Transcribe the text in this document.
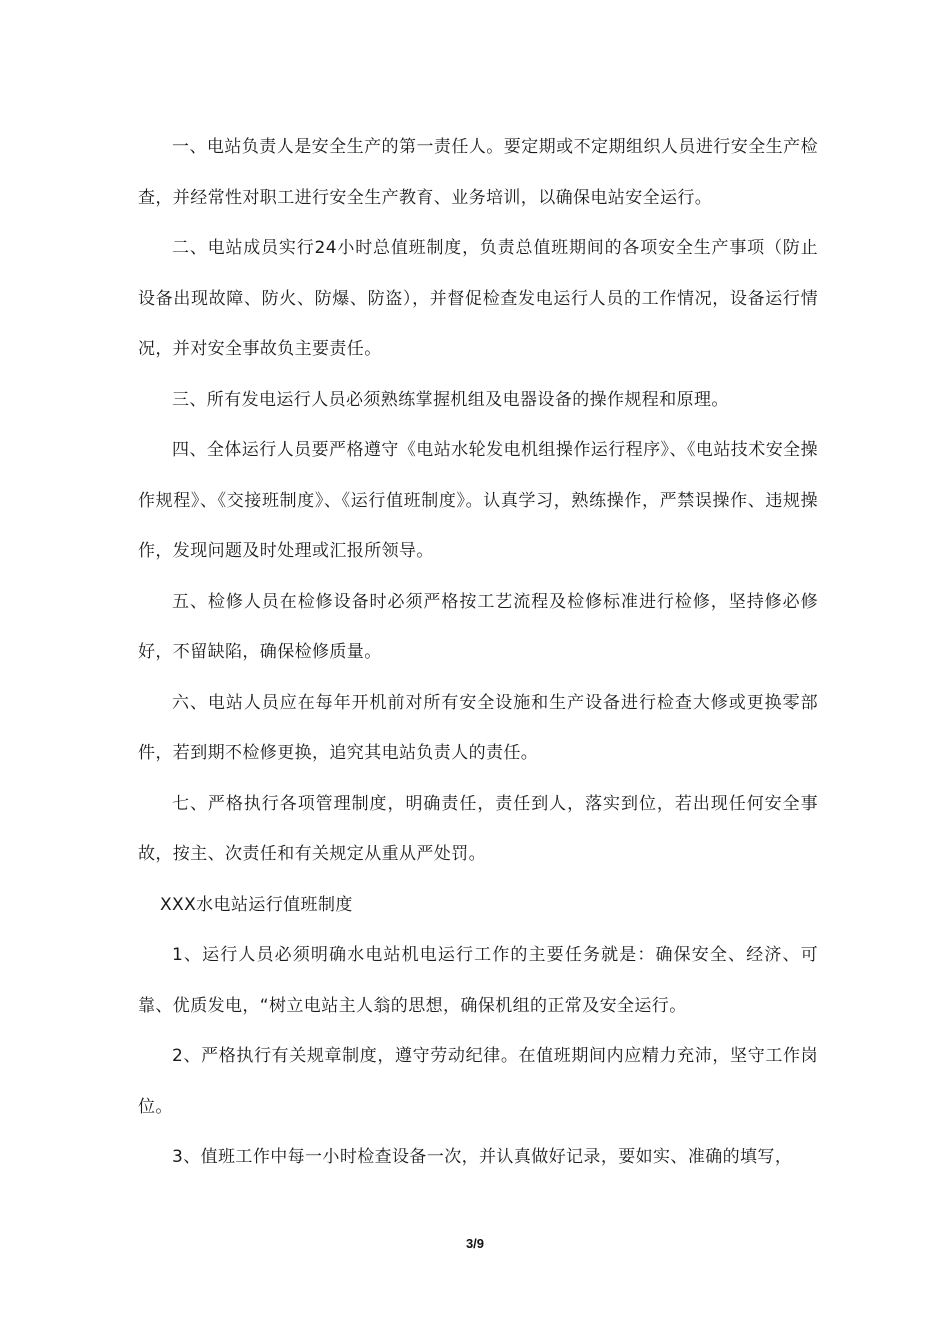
一、电站负责人是安全生产的第一责任人。要定期或不定期组织人员进行安全生产检查，并经常性对职工进行安全生产教育、业务培训，以确保电站安全运行。

二、电站成员实行24小时总值班制度，负责总值班期间的各项安全生产事项（防止设备出现故障、防火、防爆、防盗），并督促检查发电运行人员的工作情况，设备运行情况，并对安全事故负主要责任。

三、所有发电运行人员必须熟练掌握机组及电器设备的操作规程和原理。

四、全体运行人员要严格遵守《电站水轮发电机组操作运行程序》、《电站技术安全操作规程》、《交接班制度》、《运行值班制度》。认真学习，熟练操作，严禁误操作、违规操作，发现问题及时处理或汇报所领导。

五、检修人员在检修设备时必须严格按工艺流程及检修标准进行检修，坚持修必修好，不留缺陷，确保检修质量。

六、电站人员应在每年开机前对所有安全设施和生产设备进行检查大修或更换零部件，若到期不检修更换，追究其电站负责人的责任。

七、严格执行各项管理制度，明确责任，责任到人，落实到位，若出现任何安全事故，按主、次责任和有关规定从重从严处罚。

XXX水电站运行值班制度

1、运行人员必须明确水电站机电运行工作的主要任务就是：确保安全、经济、可靠、优质发电，“树立电站主人翁的思想，确保机组的正常及安全运行。

2、严格执行有关规章制度，遵守劳动纪律。在值班期间内应精力充沛，坚守工作岗位。

3、值班工作中每一小时检查设备一次，并认真做好记录，要如实、准确的填写，

3/9
